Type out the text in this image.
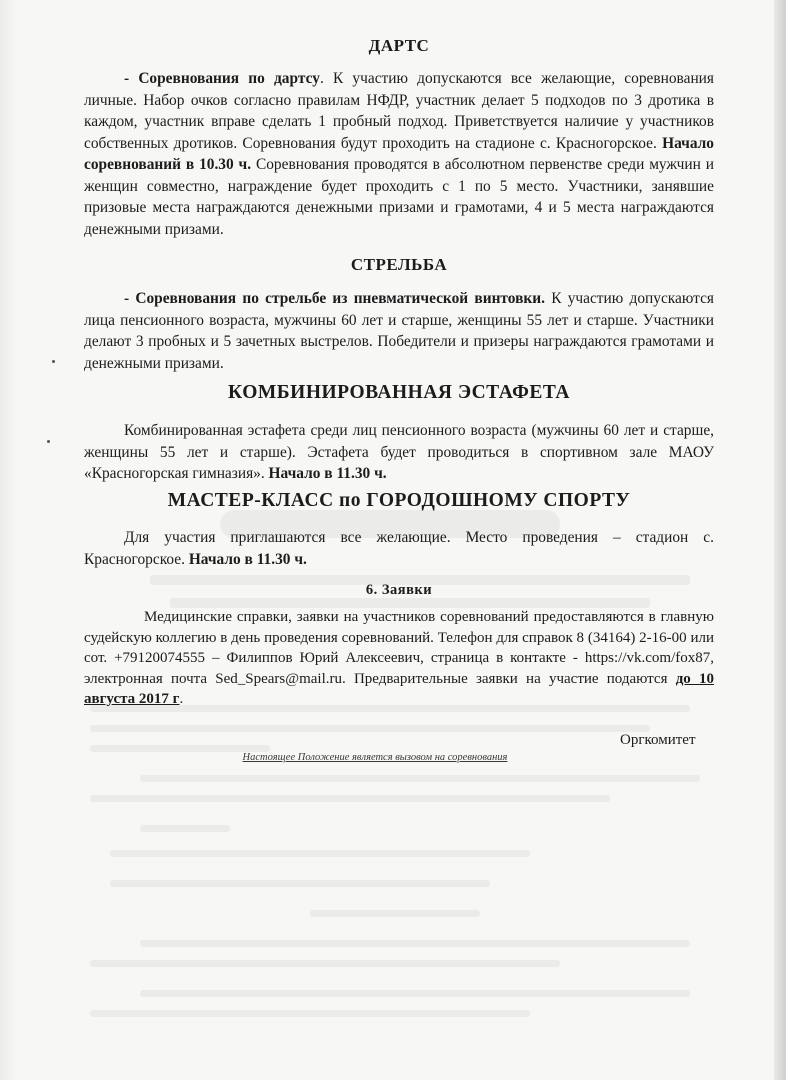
ДАРТС
- Соревнования по дартсу. К участию допускаются все желающие, соревнования личные. Набор очков согласно правилам НФДР, участник делает 5 подходов по 3 дротика в каждом, участник вправе сделать 1 пробный подход. Приветствуется наличие у участников собственных дротиков. Соревнования будут проходить на стадионе с. Красногорское. Начало соревнований в 10.30 ч. Соревнования проводятся в абсолютном первенстве среди мужчин и женщин совместно, награждение будет проходить с 1 по 5 место. Участники, занявшие призовые места награждаются денежными призами и грамотами, 4 и 5 места награждаются денежными призами.
СТРЕЛЬБА
- Соревнования по стрельбе из пневматической винтовки. К участию допускаются лица пенсионного возраста, мужчины 60 лет и старше, женщины 55 лет и старше. Участники делают 3 пробных и 5 зачетных выстрелов. Победители и призеры награждаются грамотами и денежными призами.
КОМБИНИРОВАННАЯ ЭСТАФЕТА
Комбинированная эстафета среди лиц пенсионного возраста (мужчины 60 лет и старше, женщины 55 лет и старше). Эстафета будет проводиться в спортивном зале МАОУ «Красногорская гимназия». Начало в 11.30 ч.
МАСТЕР-КЛАСС по ГОРОДОШНОМУ СПОРТУ
Для участия приглашаются все желающие. Место проведения – стадион с. Красногорское. Начало в 11.30 ч.
6. Заявки
Медицинские справки, заявки на участников соревнований предоставляются в главную судейскую коллегию в день проведения соревнований. Телефон для справок 8 (34164) 2-16-00 или сот. +79120074555 – Филиппов Юрий Алексеевич, страница в контакте - https://vk.com/fox87, электронная почта Sed_Spears@mail.ru. Предварительные заявки на участие подаются до 10 августа 2017 г.
Оргкомитет
Настоящее Положение является вызовом на соревнования
